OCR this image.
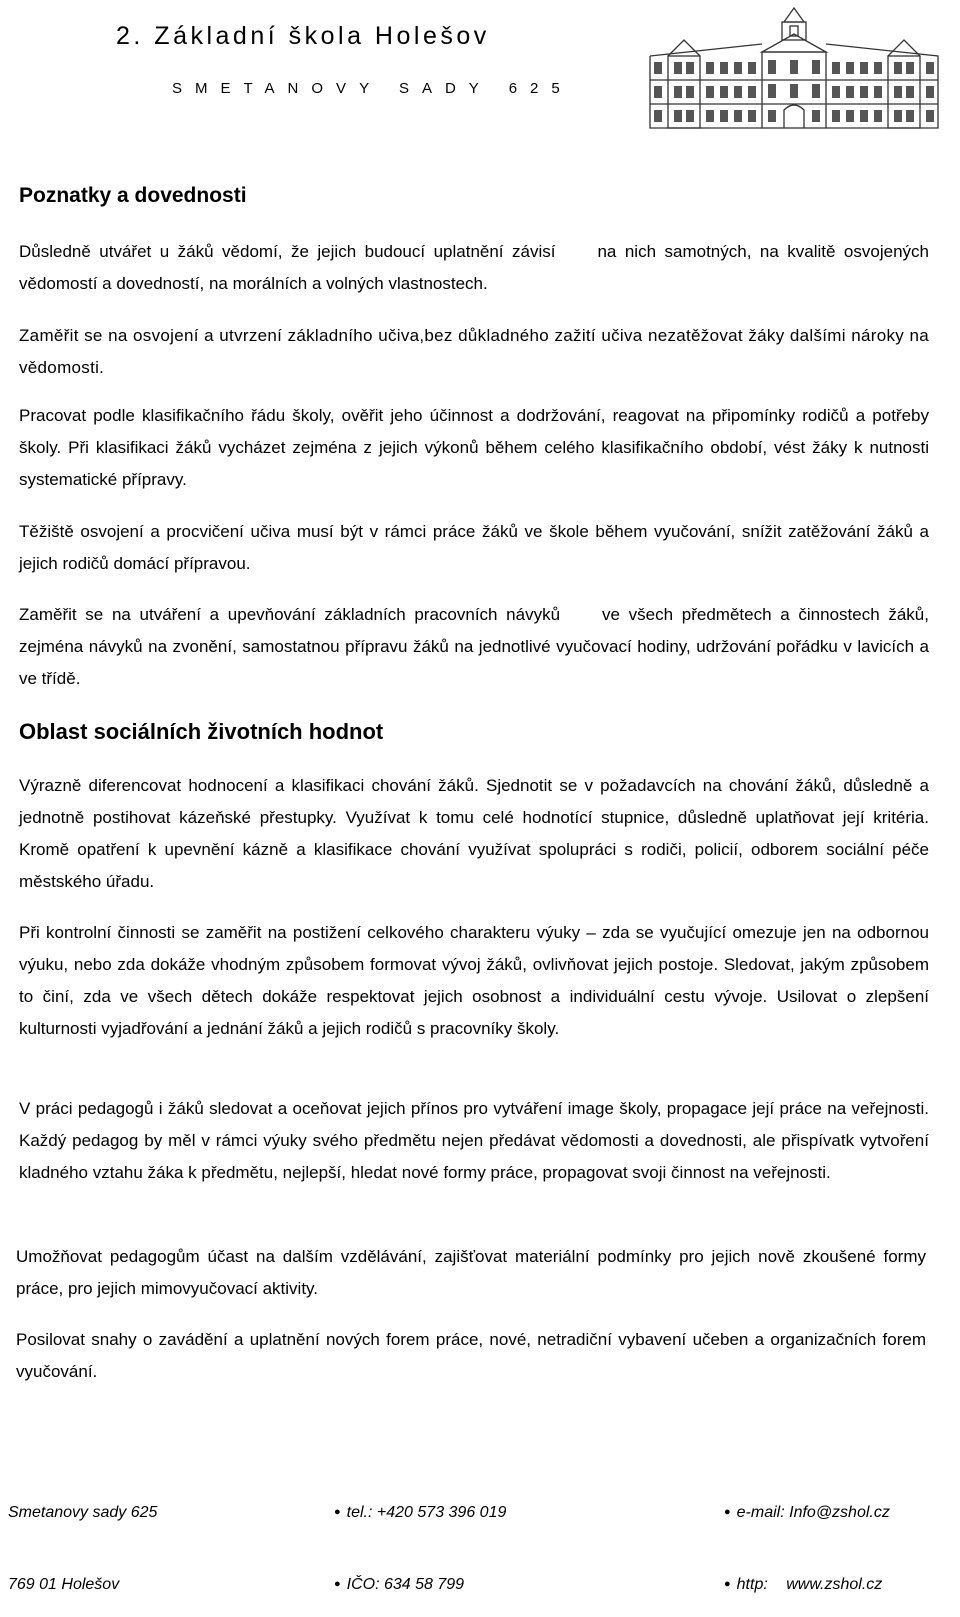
2. Základní škola Holešov
SMETANOVY SADY 625
Poznatky a dovednosti

Důsledně utvářet u žáků vědomí, že jejich budoucí uplatnění závisí na nich samotných, na kvalitě osvojených vědomostí a dovedností, na morálních a volných vlastnostech.

Zaměřit se na osvojení a utvrzení základního učiva,bez důkladného zažití učiva nezatěžovat žáky dalšími nároky na vědomosti.

Pracovat podle klasifikačního řádu školy, ověřit jeho účinnost a dodržování, reagovat na připomínky rodičů a potřeby školy. Při klasifikaci žáků vycházet zejména z jejich výkonů během celého klasifikačního období, vést žáky k nutnosti systematické přípravy.

Těžiště osvojení a procvičení učiva musí být v rámci práce žáků ve škole během vyučování, snížit zatěžování žáků a jejich rodičů domácí přípravou.

Zaměřit se na utváření a upevňování základních pracovních návyků ve všech předmětech a činnostech žáků, zejména návyků na zvonění, samostatnou přípravu žáků na jednotlivé vyučovací hodiny, udržování pořádku v lavicích a ve třídě.

Oblast sociálních životních hodnot

Výrazně diferencovat hodnocení a klasifikaci chování žáků. Sjednotit se v požadavcích na chování žáků, důsledně a jednotně postihovat kázeňské přestupky. Využívat k tomu celé hodnotící stupnice, důsledně uplatňovat její kritéria. Kromě opatření k upevnění kázně a klasifikace chování využívat spolupráci s rodiči, policií, odborem sociální péče městského úřadu.

Při kontrolní činnosti se zaměřit na postižení celkového charakteru výuky – zda se vyučující omezuje jen na odbornou výuku, nebo zda dokáže vhodným způsobem formovat vývoj žáků, ovlivňovat jejich postoje. Sledovat, jakým způsobem to činí, zda ve všech dětech dokáže respektovat jejich osobnost a individuální cestu vývoje. Usilovat o zlepšení kulturnosti vyjadřování a jednání žáků a jejich rodičů s pracovníky školy.

V práci pedagogů i žáků sledovat a oceňovat jejich přínos pro vytváření image školy, propagace její práce na veřejnosti. Každý pedagog by měl v rámci výuky svého předmětu nejen předávat vědomosti a dovednosti, ale přispívatk vytvoření kladného vztahu žáka k předmětu, nejlepší, hledat nové formy práce, propagovat svoji činnost na veřejnosti.

Umožňovat pedagogům účast na dalším vzdělávání, zajišťovat materiální podmínky pro jejich nově zkoušené formy práce, pro jejich mimovyučovací aktivity.

Posilovat snahy o zavádění a uplatnění nových forem práce, nové, netradiční vybavení učeben a organizačních forem vyučování.

Smetanovy sady 625
769 01 Holešov
● tel.: +420 573 396 019
● IČO: 634 58 799
● e-mail: Info@zshol.cz
● http: www.zshol.cz
